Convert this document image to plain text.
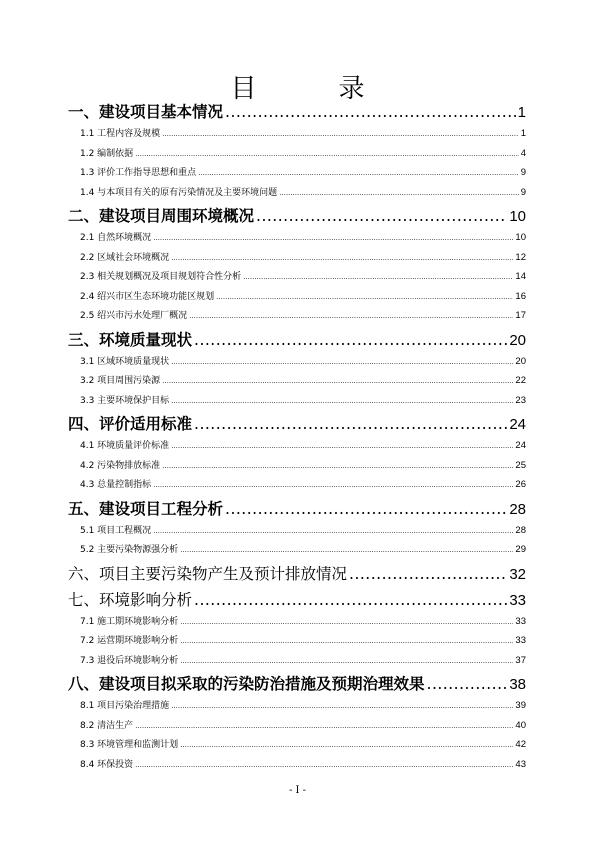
目　录
一、建设项目基本情况 .....	1
1.1 工程内容及规模 .....	1
1.2 编制依据 .....	4
1.3 评价工作指导思想和重点 .....	9
1.4 与本项目有关的原有污染情况及主要环境问题 .....	9
二、建设项目周围环境概况 .....	10
2.1 自然环境概况 .....	10
2.2 区域社会环境概况 .....	12
2.3 相关规划概况及项目规划符合性分析 .....	14
2.4 绍兴市区生态环境功能区规划 .....	16
2.5 绍兴市污水处理厂概况 .....	17
三、环境质量现状 .....	20
3.1 区域环境质量现状 .....	20
3.2 项目周围污染源 .....	22
3.3 主要环境保护目标 .....	23
四、评价适用标准 .....	24
4.1 环境质量评价标准 .....	24
4.2 污染物排放标准 .....	25
4.3 总量控制指标 .....	26
五、建设项目工程分析 .....	28
5.1 项目工程概况 .....	28
5.2 主要污染物源强分析 .....	29
六、项目主要污染物产生及预计排放情况 .....	32
七、环境影响分析 .....	33
7.1 施工期环境影响分析 .....	33
7.2 运营期环境影响分析 .....	33
7.3 退役后环境影响分析 .....	37
八、建设项目拟采取的污染防治措施及预期治理效果 .....	38
8.1 项目污染治理措施 .....	39
8.2 清洁生产 .....	40
8.3 环境管理和监测计划 .....	42
8.4 环保投资 .....	43
- I -
